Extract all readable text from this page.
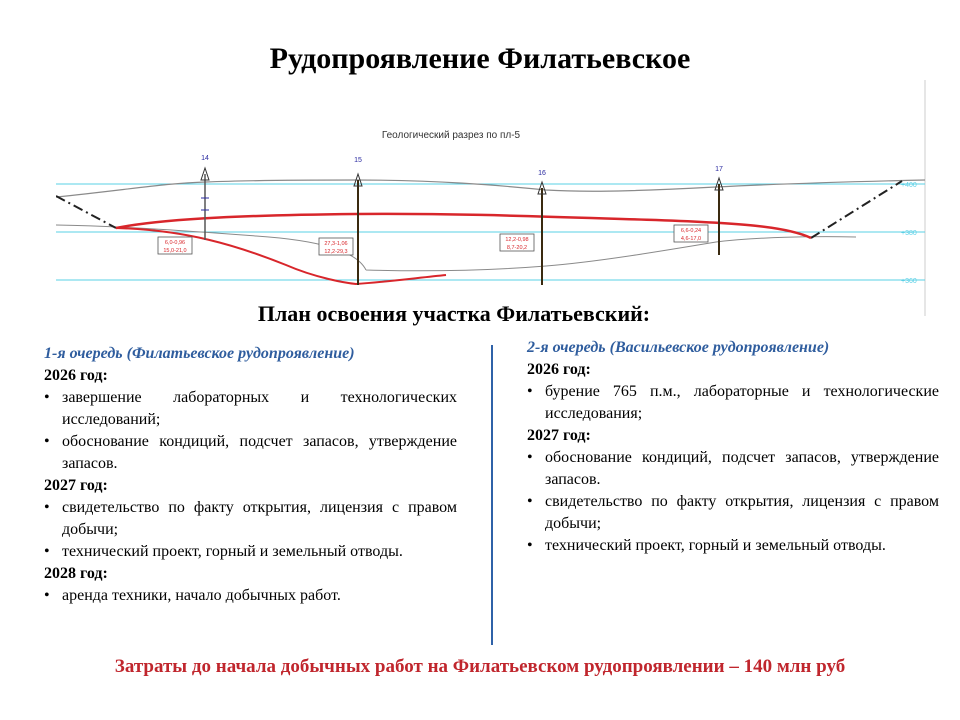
Рудопроявление Филатьевское
+400
+380
+360
Геологический разрез по пл-5
14	15
16
17
6,0-0,96
15,0-21,0
27,3-1,06
12,2-29,3
12,2-0,98
8,7-20,2
6,6-0,24
4,6-17,0
План освоения участка Филатьевский:
1-я очередь (Филатьевское рудопроявление)
2026 год:
• завершение лабораторных и технологических исследований;
• обоснование кондиций, подсчет запасов, утверждение запасов.
2027 год:
• свидетельство по факту открытия, лицензия с правом добычи;
• технический проект, горный и земельный отводы.
2028 год:
• аренда техники, начало добычных работ.
2-я очередь (Васильевское рудопроявление)
2026 год:
• бурение 765 п.м., лабораторные и технологические исследования;
2027 год:
• обоснование кондиций, подсчет запасов, утверждение запасов.
• свидетельство по факту открытия, лицензия с правом добычи;
• технический проект, горный и земельный отводы.
Затраты до начала добычных работ на Филатьевском рудопроявлении – 140 млн руб
